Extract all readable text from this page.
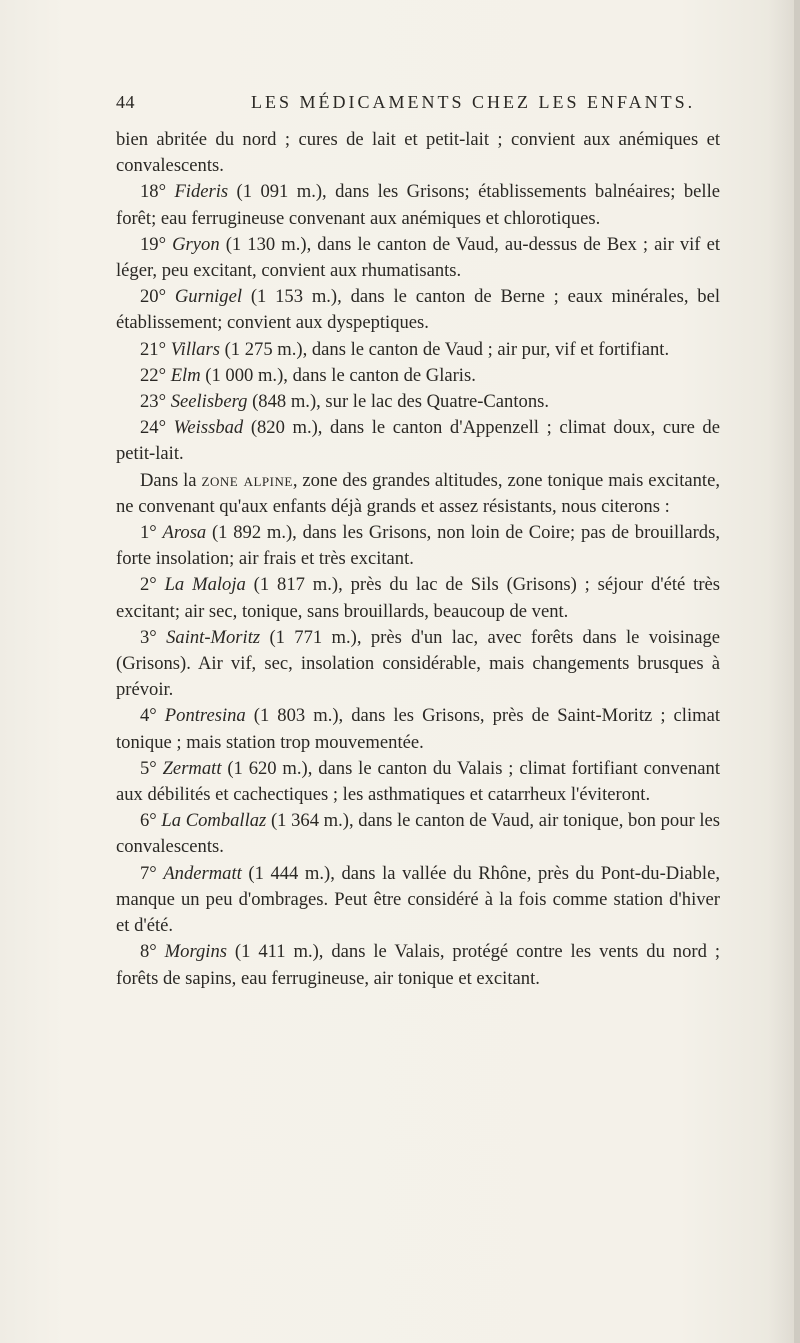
44	LES MÉDICAMENTS CHEZ LES ENFANTS.

bien abritée du nord ; cures de lait et petit-lait ; convient aux anémiques et convalescents.

18° Fideris (1 091 m.), dans les Grisons; établissements balnéaires; belle forêt; eau ferrugineuse convenant aux anémiques et chlorotiques.

19° Gryon (1 130 m.), dans le canton de Vaud, au-dessus de Bex ; air vif et léger, peu excitant, convient aux rhumatisants.

20° Gurnigel (1 153 m.), dans le canton de Berne ; eaux minérales, bel établissement; convient aux dyspeptiques.

21° Villars (1 275 m.), dans le canton de Vaud ; air pur, vif et fortifiant.

22° Elm (1 000 m.), dans le canton de Glaris.

23° Seelisberg (848 m.), sur le lac des Quatre-Cantons.

24° Weissbad (820 m.), dans le canton d'Appenzell ; climat doux, cure de petit-lait.

Dans la zone alpine, zone des grandes altitudes, zone tonique mais excitante, ne convenant qu'aux enfants déjà grands et assez résistants, nous citerons :

1° Arosa (1 892 m.), dans les Grisons, non loin de Coire; pas de brouillards, forte insolation; air frais et très excitant.

2° La Maloja (1 817 m.), près du lac de Sils (Grisons) ; séjour d'été très excitant; air sec, tonique, sans brouillards, beaucoup de vent.

3° Saint-Moritz (1 771 m.), près d'un lac, avec forêts dans le voisinage (Grisons). Air vif, sec, insolation considérable, mais changements brusques à prévoir.

4° Pontresina (1 803 m.), dans les Grisons, près de Saint-Moritz ; climat tonique ; mais station trop mouvementée.

5° Zermatt (1 620 m.), dans le canton du Valais ; climat fortifiant convenant aux débilités et cachectiques ; les asthmatiques et catarrheux l'éviteront.

6° La Comballaz (1 364 m.), dans le canton de Vaud, air tonique, bon pour les convalescents.

7° Andermatt (1 444 m.), dans la vallée du Rhône, près du Pont-du-Diable, manque un peu d'ombrages. Peut être considéré à la fois comme station d'hiver et d'été.

8° Morgins (1 411 m.), dans le Valais, protégé contre les vents du nord ; forêts de sapins, eau ferrugineuse, air tonique et excitant.
